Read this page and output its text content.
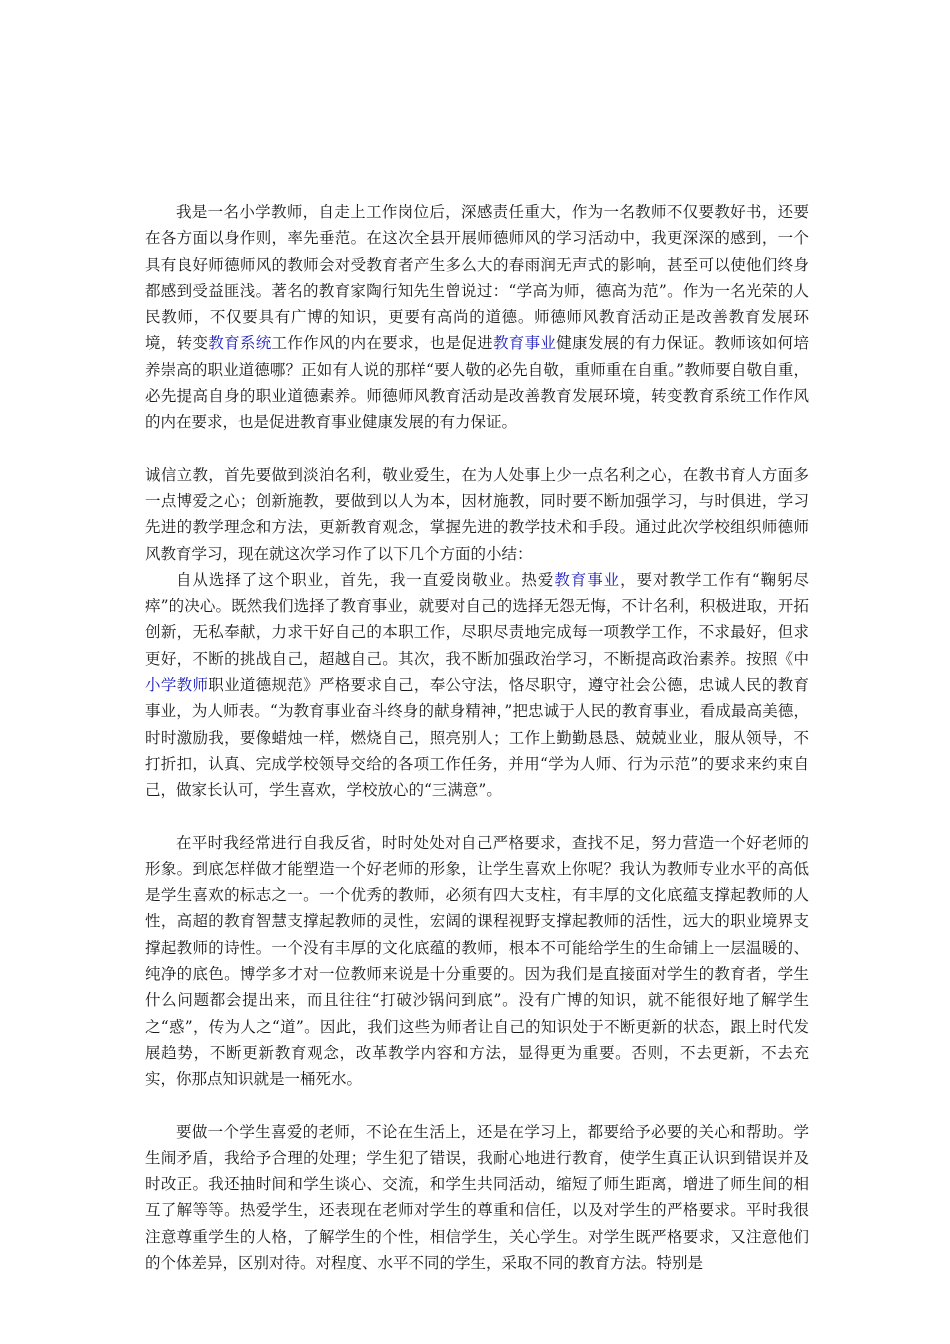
我是一名小学教师，自走上工作岗位后，深感责任重大，作为一名教师不仅要教好书，还要在各方面以身作则，率先垂范。在这次全县开展师德师风的学习活动中，我更深深的感到，一个具有良好师德师风的教师会对受教育者产生多么大的春雨润无声式的影响，甚至可以使他们终身都感到受益匪浅。著名的教育家陶行知先生曾说过：“学高为师，德高为范”。作为一名光荣的人民教师，不仅要具有广博的知识，更要有高尚的道德。师德师风教育活动正是改善教育发展环境，转变教育系统工作作风的内在要求，也是促进教育事业健康发展的有力保证。教师该如何培养崇高的职业道德哪？正如有人说的那样“要人敬的必先自敬，重师重在自重。”教师要自敬自重，必先提高自身的职业道德素养。师德师风教育活动是改善教育发展环境，转变教育系统工作作风的内在要求，也是促进教育事业健康发展的有力保证。

诚信立教，首先要做到淡泊名利，敬业爱生，在为人处事上少一点名利之心，在教书育人方面多一点博爱之心；创新施教，要做到以人为本，因材施教，同时要不断加强学习，与时俱进，学习先进的教学理念和方法，更新教育观念，掌握先进的教学技术和手段。通过此次学校组织师德师风教育学习，现在就这次学习作了以下几个方面的小结：

自从选择了这个职业，首先，我一直爱岗敬业。热爱教育事业，要对教学工作有“鞠躬尽瘁”的决心。既然我们选择了教育事业，就要对自己的选择无怨无悔，不计名利，积极进取，开拓创新，无私奉献，力求干好自己的本职工作，尽职尽责地完成每一项教学工作，不求最好，但求更好，不断的挑战自己，超越自己。其次，我不断加强政治学习，不断提高政治素养。按照《中小学教师职业道德规范》严格要求自己，奉公守法，恪尽职守，遵守社会公德，忠诚人民的教育事业，为人师表。“为教育事业奋斗终身的献身精神，”把忠诚于人民的教育事业，看成最高美德，时时激励我，要像蜡烛一样，燃烧自己，照亮别人；工作上勤勤恳恳、兢兢业业，服从领导，不打折扣，认真、完成学校领导交给的各项工作任务，并用“学为人师、行为示范”的要求来约束自己，做家长认可，学生喜欢，学校放心的“三满意”。

在平时我经常进行自我反省，时时处处对自己严格要求，查找不足，努力营造一个好老师的形象。到底怎样做才能塑造一个好老师的形象，让学生喜欢上你呢？我认为教师专业水平的高低是学生喜欢的标志之一。一个优秀的教师，必须有四大支柱，有丰厚的文化底蕴支撑起教师的人性，高超的教育智慧支撑起教师的灵性，宏阔的课程视野支撑起教师的活性，远大的职业境界支撑起教师的诗性。一个没有丰厚的文化底蕴的教师，根本不可能给学生的生命铺上一层温暖的、纯净的底色。博学多才对一位教师来说是十分重要的。因为我们是直接面对学生的教育者，学生什么问题都会提出来，而且往往“打破沙锅问到底”。没有广博的知识，就不能很好地了解学生之“惑”，传为人之“道”。因此，我们这些为师者让自己的知识处于不断更新的状态，跟上时代发展趋势，不断更新教育观念，改革教学内容和方法，显得更为重要。否则，不去更新，不去充实，你那点知识就是一桶死水。

要做一个学生喜爱的老师，不论在生活上，还是在学习上，都要给予必要的关心和帮助。学生闹矛盾，我给予合理的处理；学生犯了错误，我耐心地进行教育，使学生真正认识到错误并及时改正。我还抽时间和学生谈心、交流，和学生共同活动，缩短了师生距离，增进了师生间的相互了解等等。热爱学生，还表现在老师对学生的尊重和信任，以及对学生的严格要求。平时我很注意尊重学生的人格，了解学生的个性，相信学生，关心学生。对学生既严格要求，又注意他们的个体差异，区别对待。对程度、水平不同的学生，采取不同的教育方法。特别是
